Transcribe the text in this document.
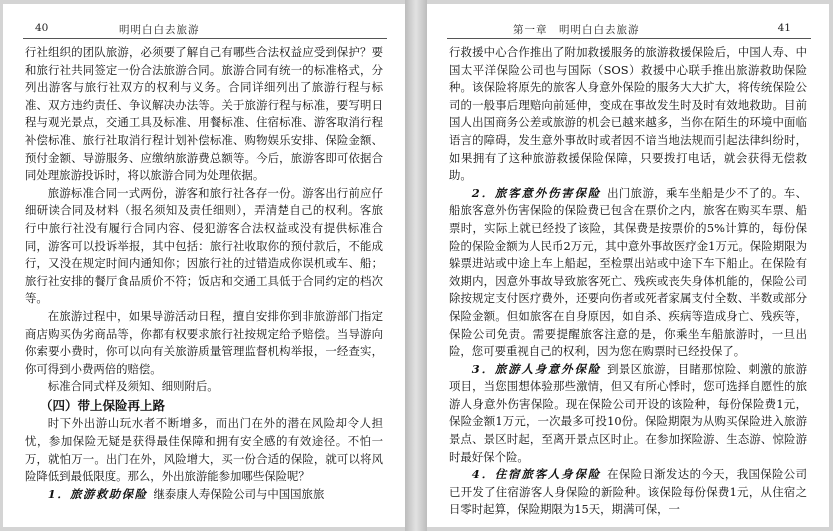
40	明明白白去旅游

行社组织的团队旅游，必须要了解自己有哪些合法权益应受到保护？要和旅行社共同签定一份合法旅游合同。旅游合同有统一的标准格式，分列出游客与旅行社双方的权利与义务。合同详细列出了旅游行程与标准、双方违约责任、争议解决办法等。关于旅游行程与标准，要写明日程与观光景点，交通工具及标准、用餐标准、住宿标准、游客取消行程补偿标准、旅行社取消行程计划补偿标准、购物娱乐安排、保险金额、预付金额、导游服务、应缴纳旅游费总额等。今后，旅游客即可依据合同处理旅游投诉时，将以旅游合同为处理依据。

旅游标准合同一式两份，游客和旅行社各存一份。游客出行前应仔细研读合同及材料（报名须知及责任细则），弄清楚自己的权利。客旅行中旅行社没有履行合同内容、侵犯游客合法权益或没有提供标准合同，游客可以投诉举报，其中包括：旅行社收取你的预付款后，不能成行，又没在规定时间内通知你；因旅行社的过错造成你误机或车、船；旅行社安排的餐厅食品质价不符；饭店和交通工具低于合同约定的档次等。

在旅游过程中，如果导游活动日程，擅自安排你到非旅游部门指定商店购买伪劣商品等，你都有权要求旅行社按规定给予赔偿。当导游向你索要小费时，你可以向有关旅游质量管理监督机构举报，一经查实，你可得到小费两倍的赔偿。

标准合同式样及须知、细则附后。

（四）带上保险再上路

时下外出游山玩水者不断增多，而出门在外的潜在风险却令人担忧，参加保险无疑是获得最佳保障和拥有安全感的有效途径。不怕一万，就怕万一。出门在外，风险增大，买一份合适的保险，就可以将风险降低到最低限度。那么，外出旅游能参加哪些保险呢？

1．旅游救助保险 继泰康人寿保险公司与中国国旅旅

第一章　明明白白去旅游	41

行救援中心合作推出了附加救援服务的旅游救援保险后，中国人寿、中国太平洋保险公司也与国际（SOS）救援中心联手推出旅游救助保险种。该保险将原先的旅客人身意外保险的服务大大扩大，将传统保险公司的一般事后理赔向前延伸，变成在事故发生时及时有效地救助。目前国人出国商务公差或旅游的机会已越来越多，当你在陌生的环境中面临语言的障碍，发生意外事故时或者因不谙当地法规而引起法律纠纷时，如果拥有了这种旅游救援保险保障，只要拨打电话，就会获得无偿救助。

2．旅客意外伤害保险 出门旅游，乘车坐船是少不了的。车、船旅客意外伤害保险的保险费已包含在票价之内，旅客在购买车票、船票时，实际上就已经投了该险，其保费是按票价的5%计算的，每份保险的保险金额为人民币2万元，其中意外事故医疗金1万元。保险期限为躲票进站或中途上车上船起，至检票出站或中途下车下船止。在保险有效期内，因意外事故导致旅客死亡、残疾或丧失身体机能的，保险公司除按规定支付医疗费外，还要向伤者或死者家属支付全数、半数或部分保险金额。但如旅客在自身原因，如自杀、疾病等造成身亡、残疾等，保险公司免责。需要提醒旅客注意的是，你乘坐车船旅游时，一旦出险，您可要重视自己的权利，因为您在购票时已经投保了。

3．旅游人身意外保险 到景区旅游，目睹那惊险、刺激的旅游项目，当您围想体验那些激情，但又有所心悸时，您可选择自愿性的旅游人身意外伤害保险。现在保险公司开设的该险种，每份保险费1元，保险金额1万元，一次最多可投10份。保险期限为从购买保险进入旅游景点、景区时起，至离开景点区时止。在参加探险游、生态游、惊险游时最好保个险。

4．住宿旅客人身保险 在保险日渐发达的今天，我国保险公司已开发了住宿游客人身保险的新险种。该保险每份保费1元，从住宿之日零时起算，保险期限为15天，期满可保，一
